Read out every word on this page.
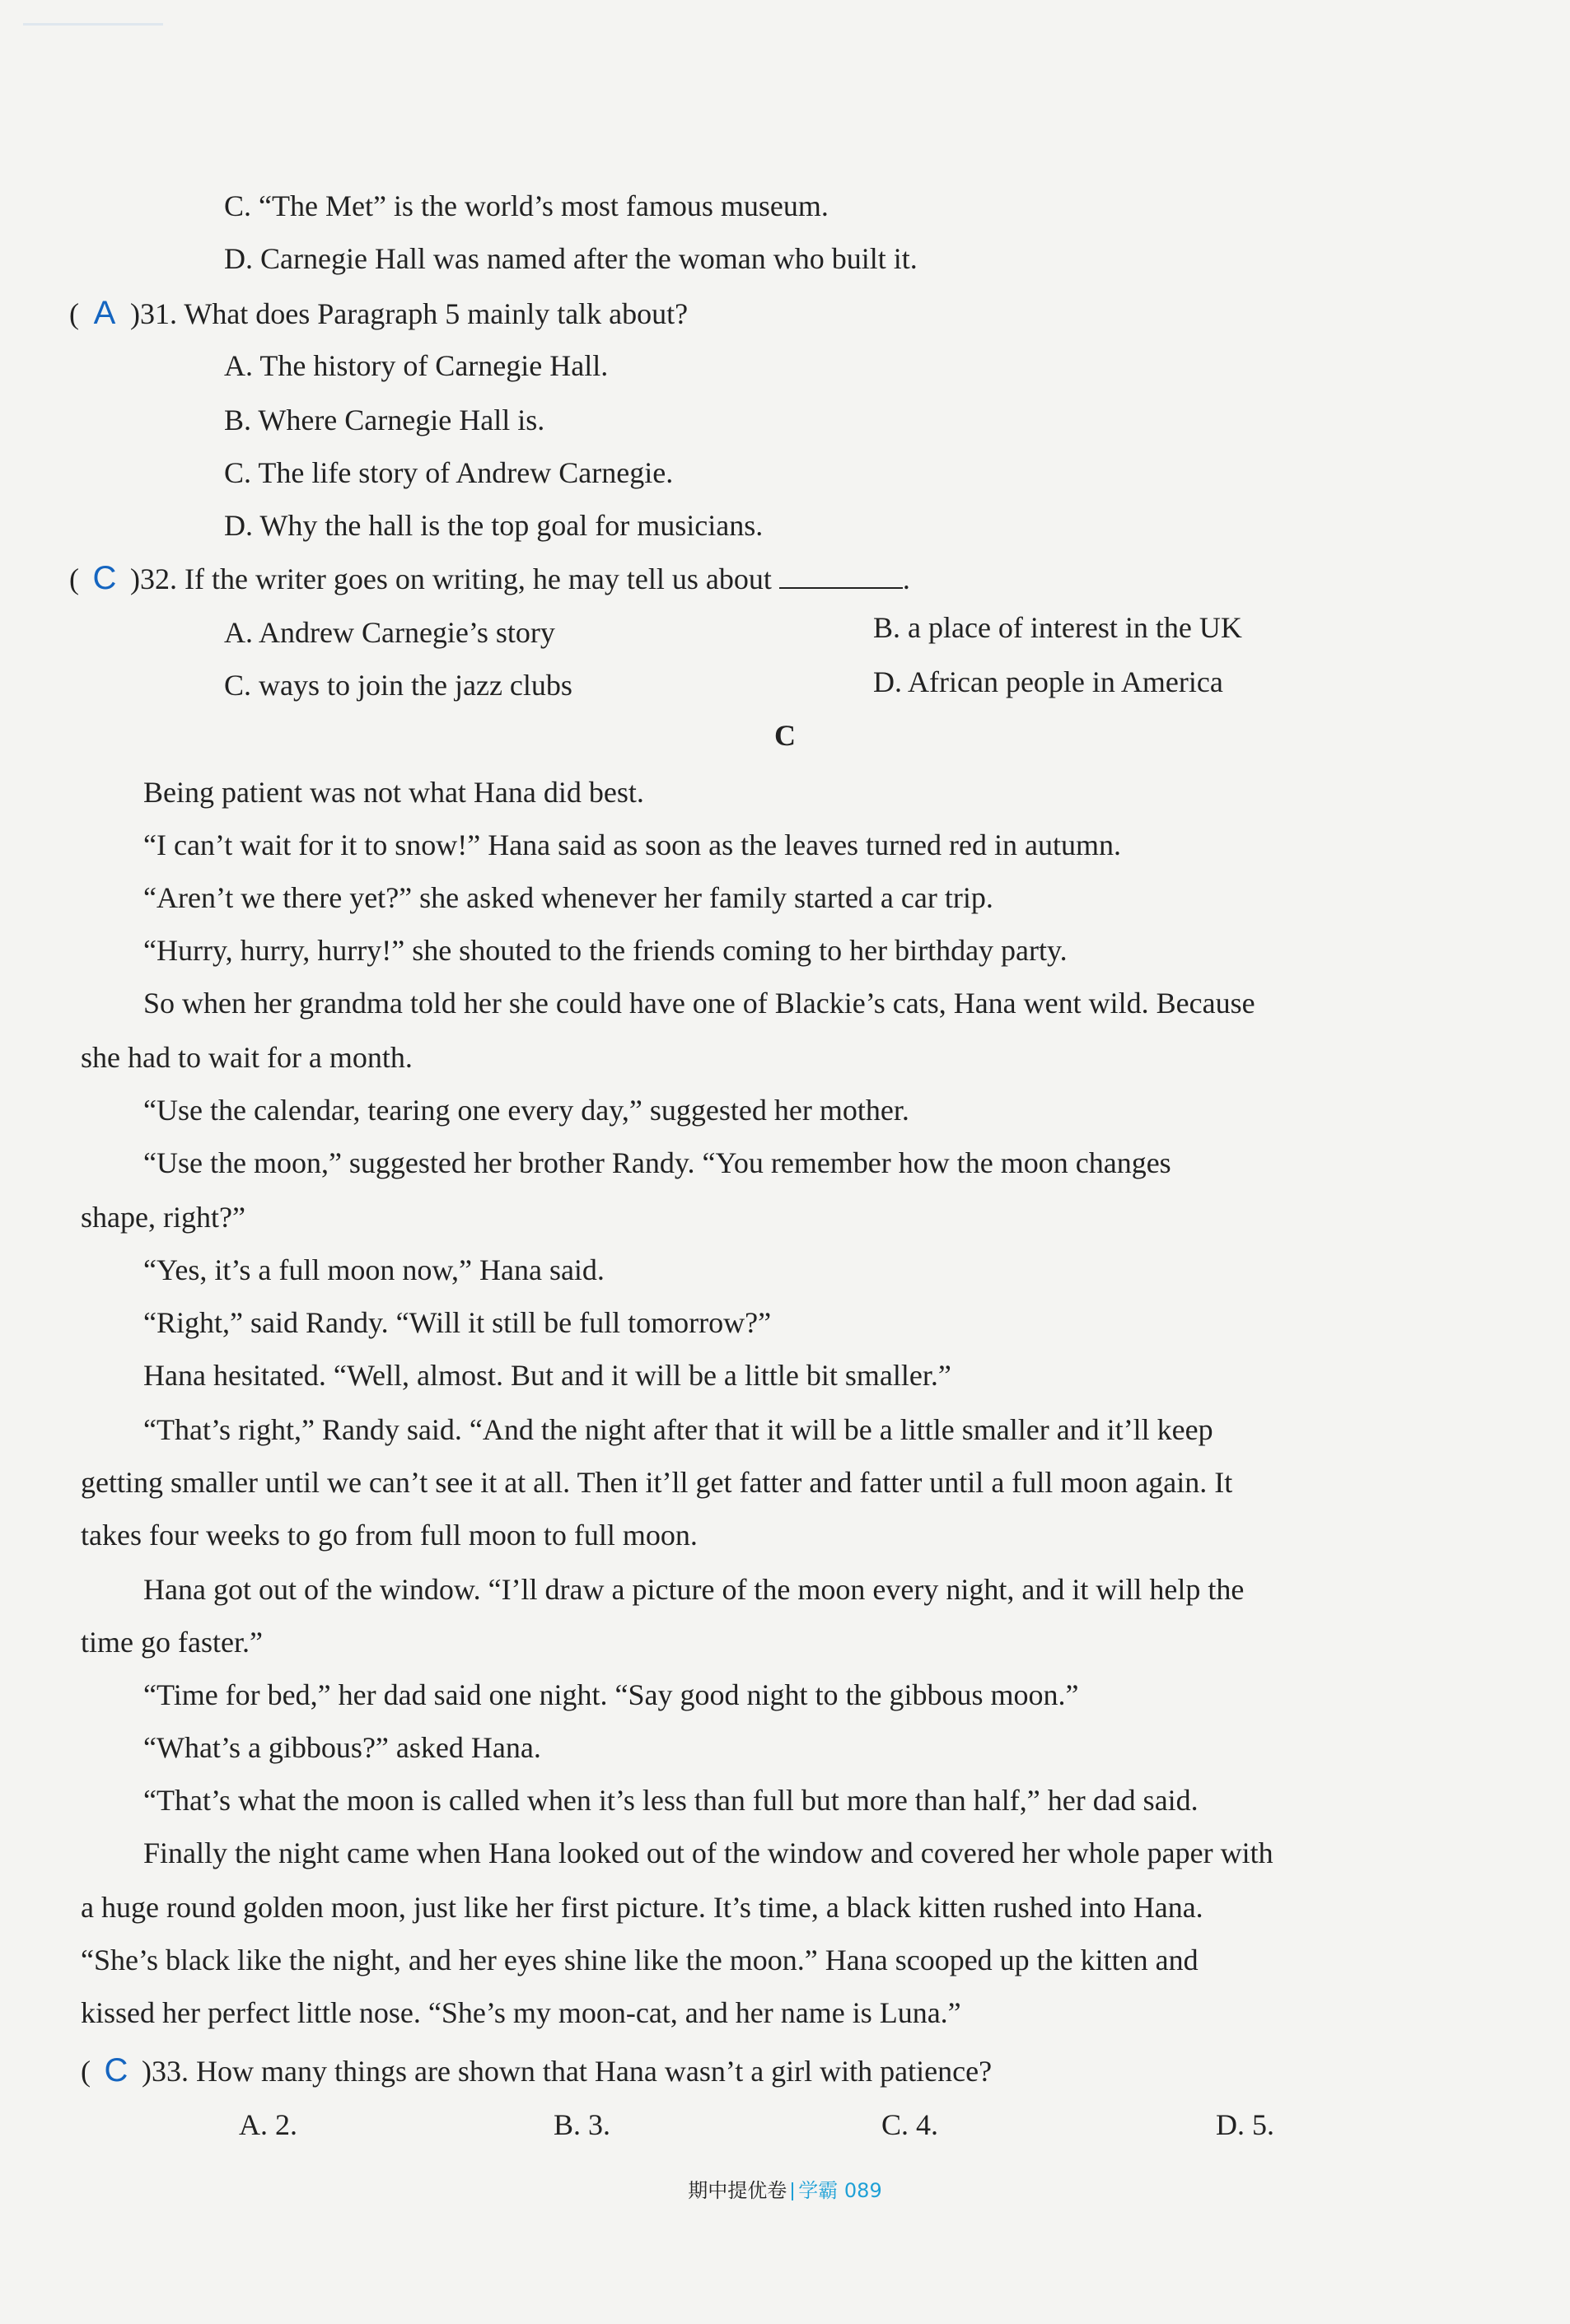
C. “The Met” is the world’s most famous museum.
D. Carnegie Hall was named after the woman who built it.
( A )31. What does Paragraph 5 mainly talk about?
A. The history of Carnegie Hall.
B. Where Carnegie Hall is.
C. The life story of Andrew Carnegie.
D. Why the hall is the top goal for musicians.
( C )32. If the writer goes on writing, he may tell us about	.
A. Andrew Carnegie’s story	B. a place of interest in the UK
C. ways to join the jazz clubs	D. African people in America
C
Being patient was not what Hana did best.
“I can’t wait for it to snow!” Hana said as soon as the leaves turned red in autumn.
“Aren’t we there yet?” she asked whenever her family started a car trip.
“Hurry, hurry, hurry!” she shouted to the friends coming to her birthday party.
So when her grandma told her she could have one of Blackie’s cats, Hana went wild. Because
she had to wait for a month.
“Use the calendar, tearing one every day,” suggested her mother.
“Use the moon,” suggested her brother Randy. “You remember how the moon changes
shape, right?”
“Yes, it’s a full moon now,” Hana said.
“Right,” said Randy. “Will it still be full tomorrow?”
Hana hesitated. “Well, almost. But and it will be a little bit smaller.”
“That’s right,” Randy said. “And the night after that it will be a little smaller and it’ll keep
getting smaller until we can’t see it at all. Then it’ll get fatter and fatter until a full moon again. It
takes four weeks to go from full moon to full moon.
Hana got out of the window. “I’ll draw a picture of the moon every night, and it will help the
time go faster.”
“Time for bed,” her dad said one night. “Say good night to the gibbous moon.”
“What’s a gibbous?” asked Hana.
“That’s what the moon is called when it’s less than full but more than half,” her dad said.
Finally the night came when Hana looked out of the window and covered her whole paper with
a huge round golden moon, just like her first picture. It’s time, a black kitten rushed into Hana.
“She’s black like the night, and her eyes shine like the moon.” Hana scooped up the kitten and
kissed her perfect little nose. “She’s my moon-cat, and her name is Luna.”
( C )33. How many things are shown that Hana wasn’t a girl with patience?
A. 2.	B. 3.	C. 4.	D. 5.
期中提优卷 学霸 089
